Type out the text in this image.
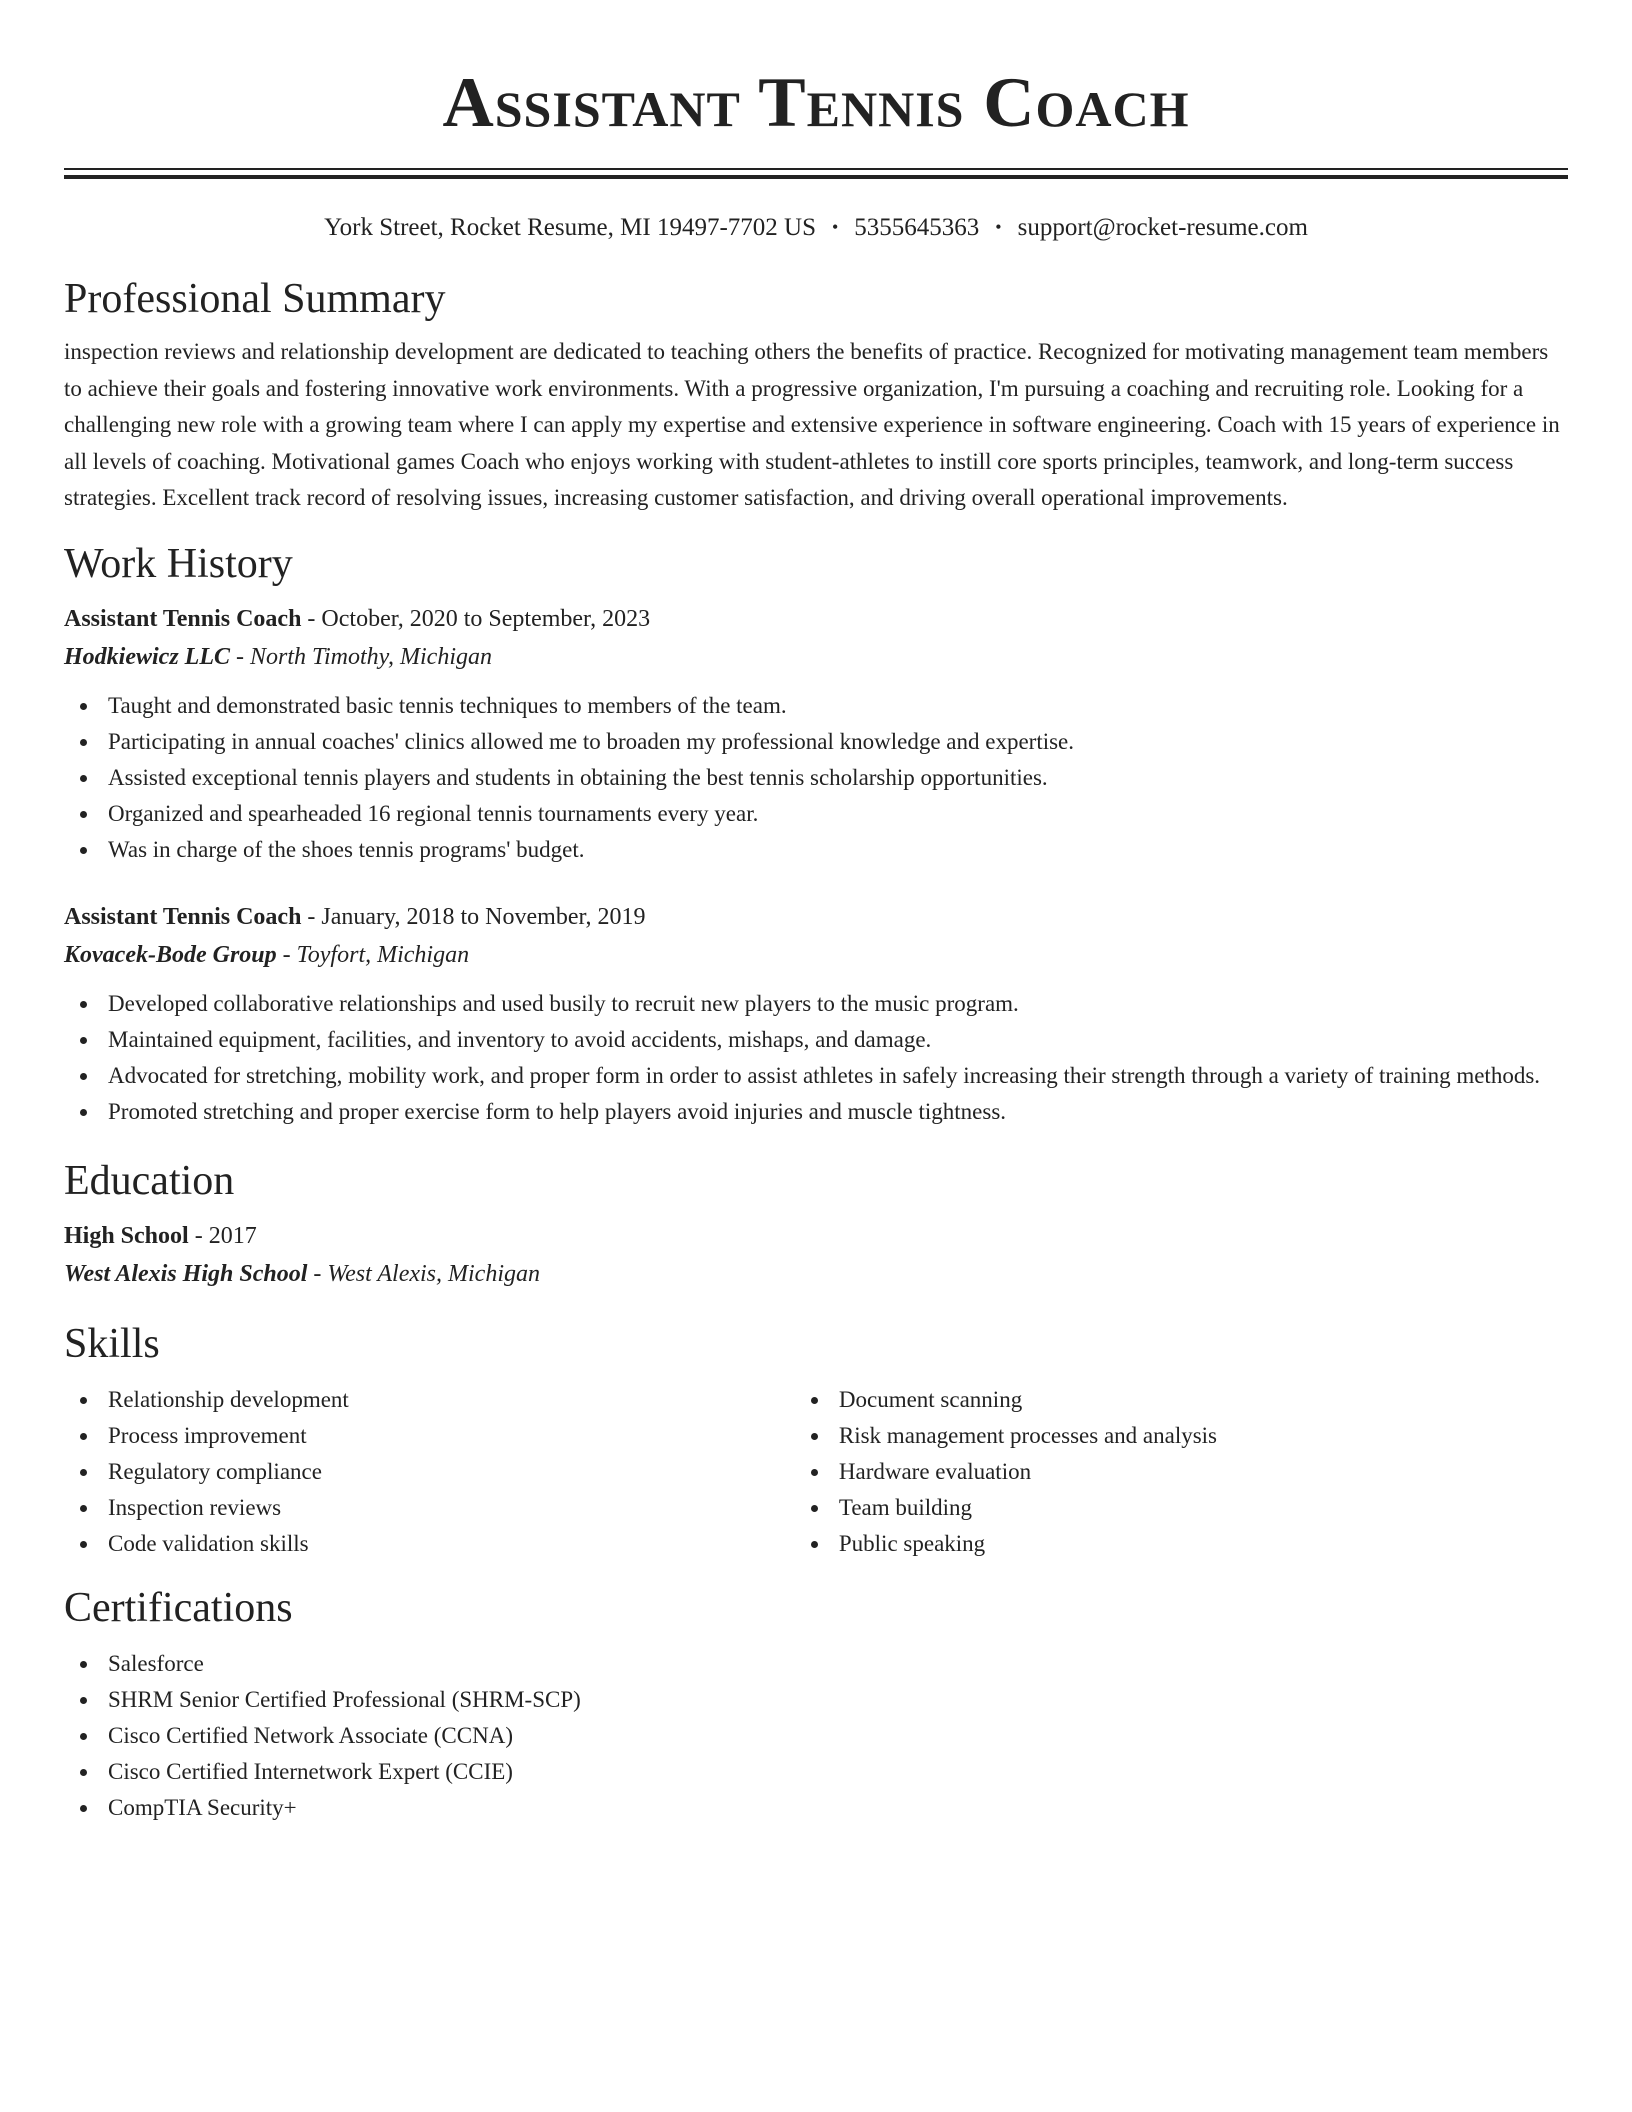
Assistant Tennis Coach
York Street, Rocket Resume, MI 19497-7702 US • 5355645363 • support@rocket-resume.com
Professional Summary

inspection reviews and relationship development are dedicated to teaching others the benefits of practice. Recognized for motivating management team members to achieve their goals and fostering innovative work environments. With a progressive organization, I'm pursuing a coaching and recruiting role. Looking for a challenging new role with a growing team where I can apply my expertise and extensive experience in software engineering. Coach with 15 years of experience in all levels of coaching. Motivational games Coach who enjoys working with student-athletes to instill core sports principles, teamwork, and long-term success strategies. Excellent track record of resolving issues, increasing customer satisfaction, and driving overall operational improvements.

Work History
Assistant Tennis Coach - October, 2020 to September, 2023
Hodkiewicz LLC - North Timothy, Michigan
Taught and demonstrated basic tennis techniques to members of the team.
Participating in annual coaches' clinics allowed me to broaden my professional knowledge and expertise.
Assisted exceptional tennis players and students in obtaining the best tennis scholarship opportunities.
Organized and spearheaded 16 regional tennis tournaments every year.
Was in charge of the shoes tennis programs' budget.
Assistant Tennis Coach - January, 2018 to November, 2019
Kovacek-Bode Group - Toyfort, Michigan
Developed collaborative relationships and used busily to recruit new players to the music program.
Maintained equipment, facilities, and inventory to avoid accidents, mishaps, and damage.
Advocated for stretching, mobility work, and proper form in order to assist athletes in safely increasing their strength through a variety of training methods.
Promoted stretching and proper exercise form to help players avoid injuries and muscle tightness.
Education
High School - 2017
West Alexis High School - West Alexis, Michigan
Skills
Relationship development
Process improvement
Regulatory compliance
Inspection reviews
Code validation skills
Document scanning
Risk management processes and analysis
Hardware evaluation
Team building
Public speaking
Certifications
Salesforce
SHRM Senior Certified Professional (SHRM-SCP)
Cisco Certified Network Associate (CCNA)
Cisco Certified Internetwork Expert (CCIE)
CompTIA Security+
